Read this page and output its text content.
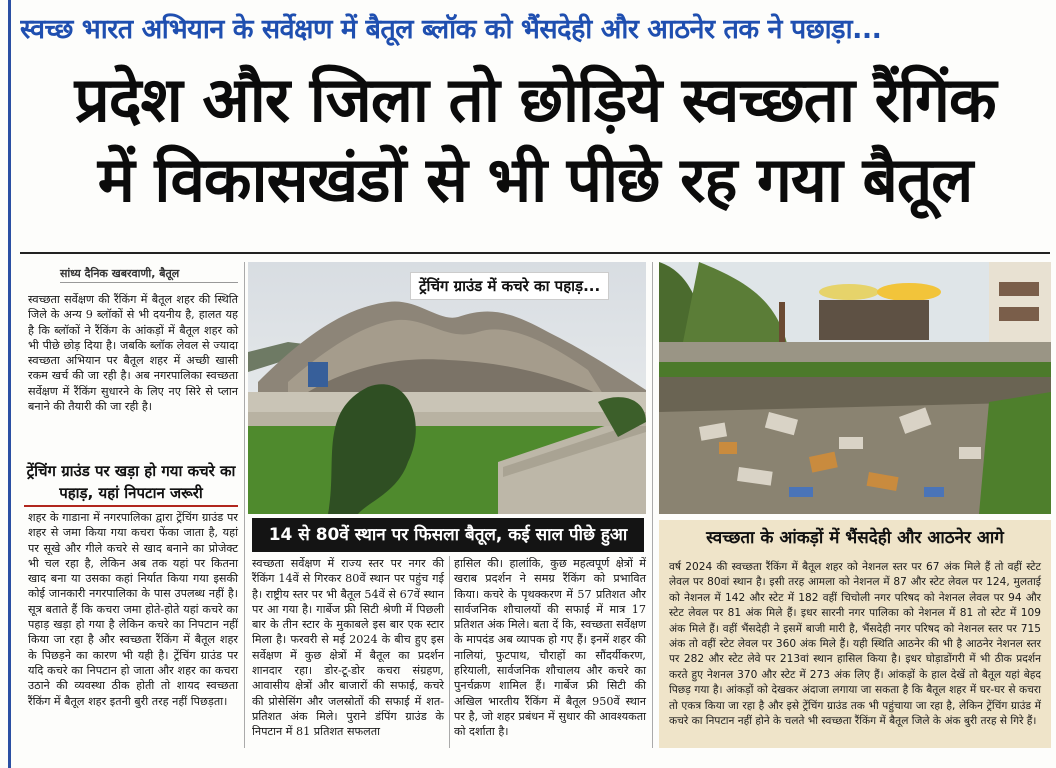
स्वच्छ भारत अभियान के सर्वेक्षण में बैतूल ब्लॉक को भैंसदेही और आठनेर तक ने पछाड़ा...
प्रदेश और जिला तो छोड़िये स्वच्छता रैंगिंक
में विकासखंडों से भी पीछे रह गया बैतूल
सांध्य दैनिक खबरवाणी, बैतूल
स्वच्छता सर्वेक्षण की रैंकिंग में बैतूल शहर की स्थिति जिले के अन्य 9 ब्लॉकों से भी दयनीय है, हालत यह है कि ब्लॉकों ने रैंकिंग के आंकड़ों में बैतूल शहर को भी पीछे छोड़ दिया है। जबकि ब्लॉक लेवल से ज्यादा स्वच्छता अभियान पर बैतूल शहर में अच्छी खासी रकम खर्च की जा रही है। अब नगरपालिका स्वच्छता सर्वेक्षण में रैंकिंग सुधारने के लिए नए सिरे से प्लान बनाने की तैयारी की जा रही है।
ट्रेंचिंग ग्राउंड पर खड़ा हो गया कचरे का पहाड़, यहां निपटान जरूरी
शहर के गाडाना में नगरपालिका द्वारा ट्रेंचिंग ग्राउंड पर शहर से जमा किया गया कचरा फेंका जाता है, यहां पर सूखे और गीले कचरे से खाद बनाने का प्रोजेक्ट भी चल रहा है, लेकिन अब तक यहां पर कितना खाद बना या उसका कहां निर्यात किया गया इसकी कोई जानकारी नगरपालिका के पास उपलब्ध नहीं है। सूत्र बताते हैं कि कचरा जमा होते-होते यहां कचरे का पहाड़ खड़ा हो गया है लेकिन कचरे का निपटान नहीं किया जा रहा है और स्वच्छता रैंकिंग में बैतूल शहर के पिछड़ने का कारण भी यही है। ट्रेंचिंग ग्राउंड पर यदि कचरे का निपटान हो जाता और शहर का कचरा उठाने की व्यवस्था ठीक होती तो शायद स्वच्छता रैंकिंग में बैतूल शहर इतनी बुरी तरह नहीं पिछड़ता।
ट्रेंचिंग ग्राउंड में कचरे का पहाड़...
14 से 80वें स्थान पर फिसला बैतूल, कई साल पीछे हुआ
स्वच्छता सर्वेक्षण में राज्य स्तर पर नगर की रैंकिंग 14वें से गिरकर 80वें स्थान पर पहुंच गई है। राष्ट्रीय स्तर पर भी बैतूल 54वें से 67वें स्थान पर आ गया है। गार्बेज फ्री सिटी श्रेणी में पिछली बार के तीन स्टार के मुकाबले इस बार एक स्टार मिला है। फरवरी से मई 2024 के बीच हुए इस सर्वेक्षण में कुछ क्षेत्रों में बैतूल का प्रदर्शन शानदार रहा। डोर-टू-डोर कचरा संग्रहण, आवासीय क्षेत्रों और बाजारों की सफाई, कचरे की प्रोसेसिंग और जलस्रोतों की सफाई में शत-प्रतिशत अंक मिले। पुराने डंपिंग ग्राउंड के निपटान में 81 प्रतिशत सफलता
हासिल की। हालांकि, कुछ महत्वपूर्ण क्षेत्रों में खराब प्रदर्शन ने समग्र रैंकिंग को प्रभावित किया। कचरे के पृथक्करण में 57 प्रतिशत और सार्वजनिक शौचालयों की सफाई में मात्र 17 प्रतिशत अंक मिले। बता दें कि, स्वच्छता सर्वेक्षण के मापदंड अब व्यापक हो गए हैं। इनमें शहर की नालियां, फुटपाथ, चौराहों का सौंदर्यीकरण, हरियाली, सार्वजनिक शौचालय और कचरे का पुनर्चक्रण शामिल हैं। गार्बेज फ्री सिटी की अखिल भारतीय रैंकिंग में बैतूल 950वें स्थान पर है, जो शहर प्रबंधन में सुधार की आवश्यकता को दर्शाता है।
स्वच्छता के आंकड़ों में भैंसदेही और आठनेर आगे
वर्ष 2024 की स्वच्छता रैंकिंग में बैतूल शहर को नेशनल स्तर पर 67 अंक मिले हैं तो वहीं स्टेट लेवल पर 80वां स्थान है। इसी तरह आमला को नेशनल में 87 और स्टेट लेवल पर 124, मुलताई को नेशनल में 142 और स्टेट में 182 वहीं चिचोली नगर परिषद को नेशनल लेवल पर 94 और स्टेट लेवल पर 81 अंक मिले हैं। इधर सारनी नगर पालिका को नेशनल में 81 तो स्टेट में 109 अंक मिले हैं। वहीं भैंसदेही ने इसमें बाजी मारी है, भैंसदेही नगर परिषद को नेशनल स्तर पर 715 अंक तो वहीं स्टेट लेवल पर 360 अंक मिले हैं। यही स्थिति आठनेर की भी है आठनेर नेशनल स्तर पर 282 और स्टेट लेवे पर 213वां स्थान हासिल किया है। इधर घोड़ाडोंगरी में भी ठीक प्रदर्शन करते हुए नेशनल 370 और स्टेट में 273 अंक लिए हैं। आंकड़ों के हाल देखें तो बैतूल यहां बेहद पिछड़ गया है। आंकड़ों को देखकर अंदाजा लगाया जा सकता है कि बैतूल शहर में घर-घर से कचरा तो एकत्र किया जा रहा है और इसे ट्रेंचिंग ग्राउंड तक भी पहुंचाया जा रहा है, लेकिन ट्रेंचिंग ग्राउंड में कचरे का निपटान नहीं होने के चलते भी स्वच्छता रैंकिंग में बैतूल जिले के अंक बुरी तरह से गिरे हैं।
